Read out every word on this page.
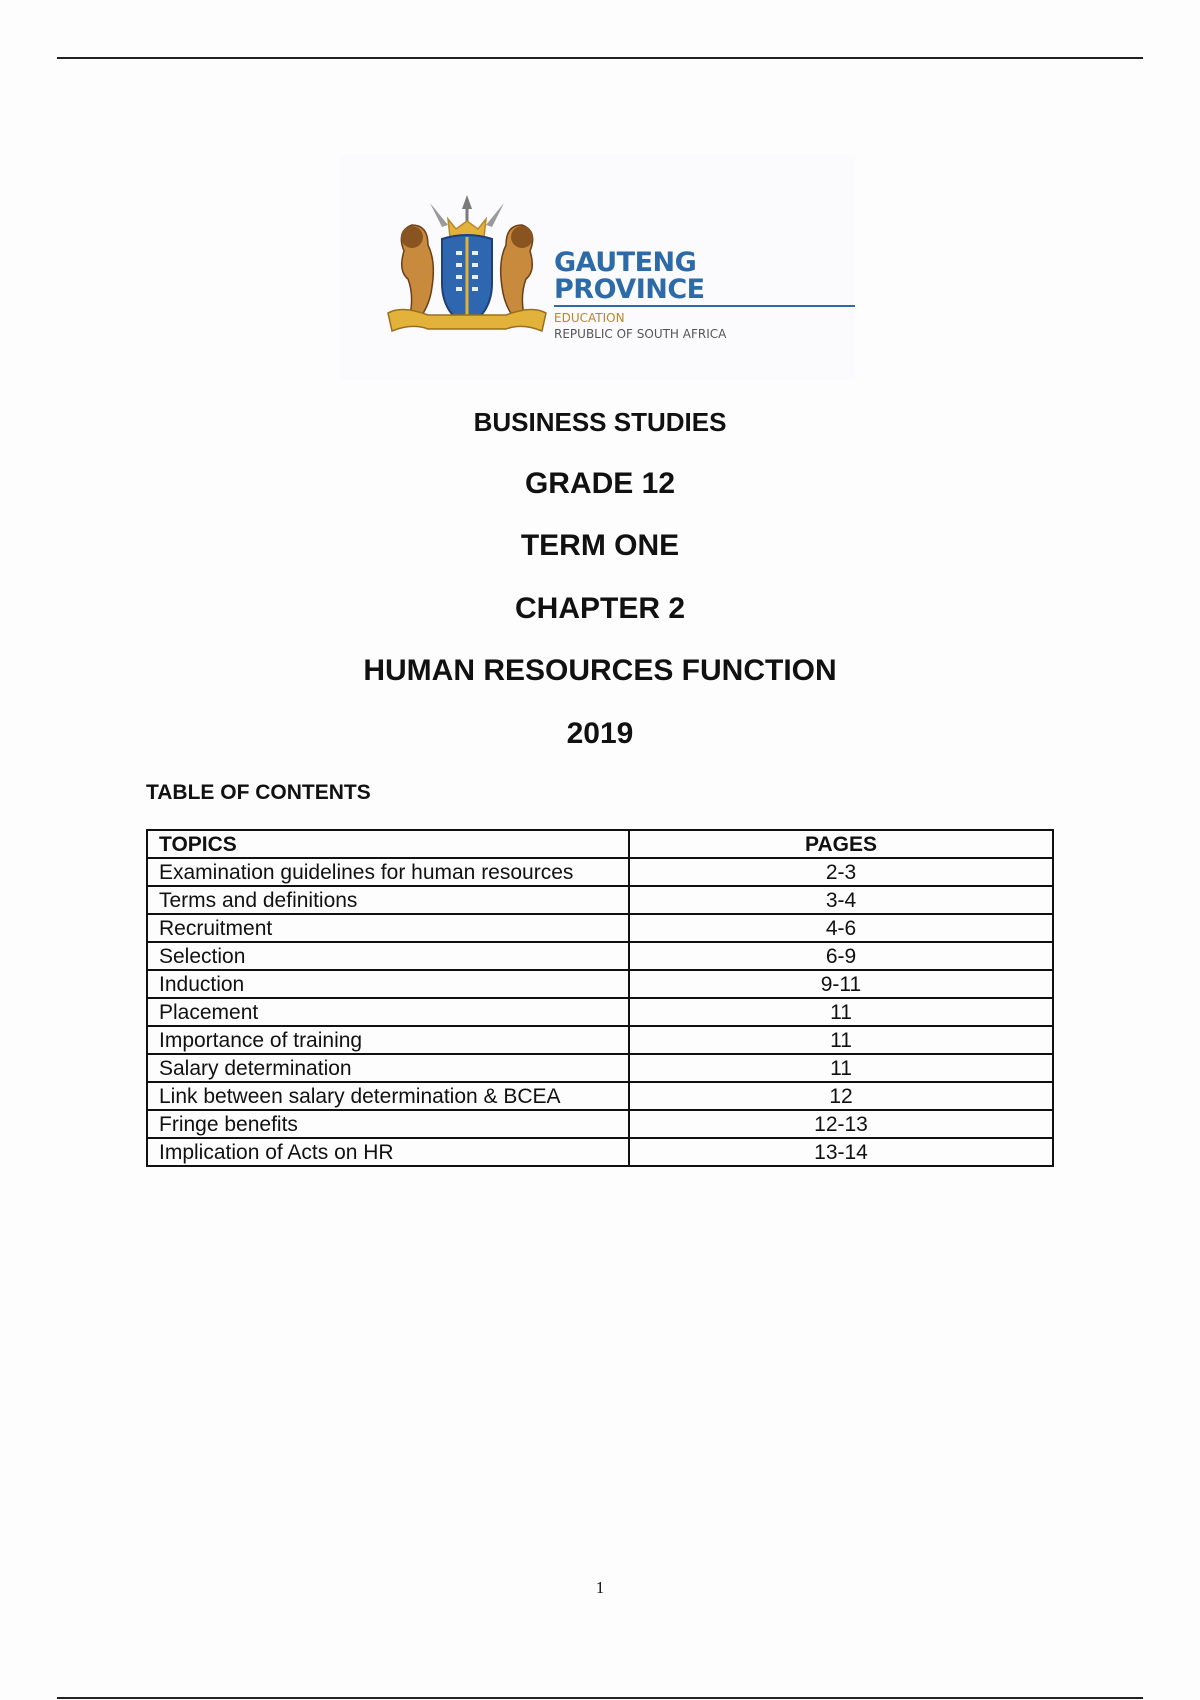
GAUTENG PROVINCE
EDUCATION
REPUBLIC OF SOUTH AFRICA
BUSINESS STUDIES
GRADE 12
TERM ONE
CHAPTER 2
HUMAN RESOURCES FUNCTION
2019
TABLE OF CONTENTS
TOPICS	PAGES
Examination guidelines for human resources	2-3
Terms and definitions	3-4
Recruitment	4-6
Selection	6-9
Induction	9-11
Placement	11
Importance of training	11
Salary determination	11
Link between salary determination & BCEA	12
Fringe benefits	12-13
Implication of Acts on HR	13-14
1
